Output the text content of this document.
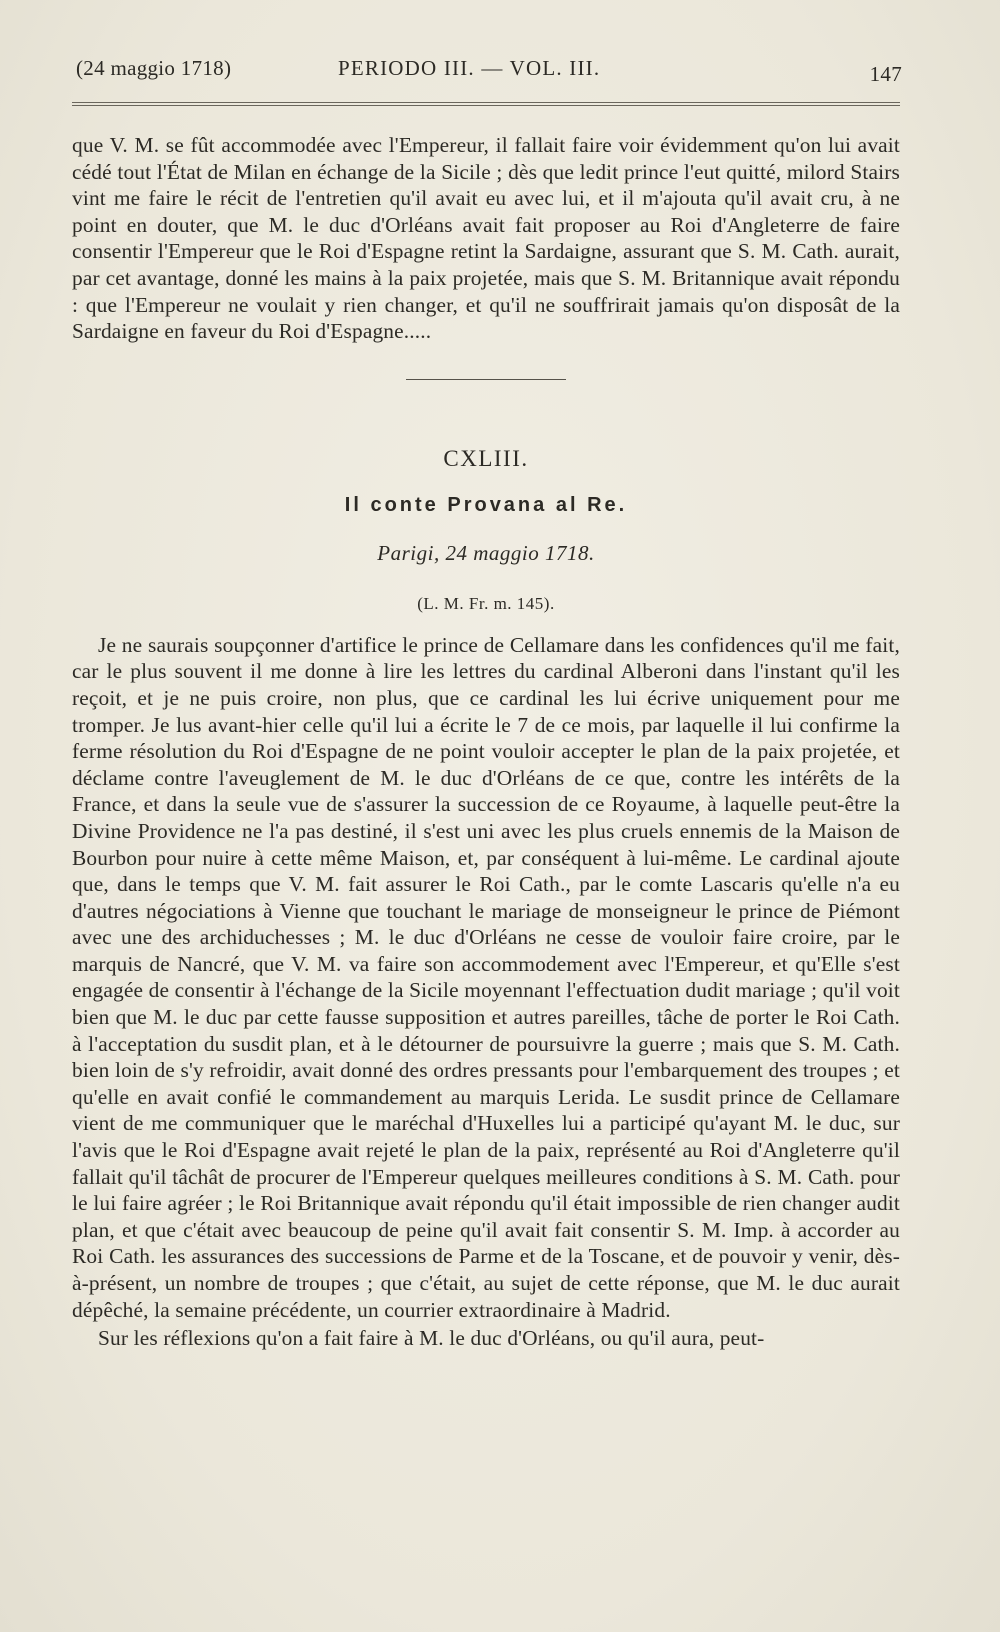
(24 maggio 1718)	PERIODO III. — VOL. III.	147

que V. M. se fût accommodée avec l'Empereur, il fallait faire voir évidemment qu'on lui avait cédé tout l'État de Milan en échange de la Sicile ; dès que ledit prince l'eut quitté, milord Stairs vint me faire le récit de l'entretien qu'il avait eu avec lui, et il m'ajouta qu'il avait cru, à ne point en douter, que M. le duc d'Orléans avait fait proposer au Roi d'Angleterre de faire consentir l'Empereur que le Roi d'Espagne retint la Sardaigne, assurant que S. M. Cath. aurait, par cet avantage, donné les mains à la paix projetée, mais que S. M. Britannique avait répondu : que l'Empereur ne voulait y rien changer, et qu'il ne souffrirait jamais qu'on disposât de la Sardaigne en faveur du Roi d'Espagne.....

CXLIII.
Il conte Provana al Re.
Parigi, 24 maggio 1718.
(L. M. Fr. m. 145).

Je ne saurais soupçonner d'artifice le prince de Cellamare dans les confidences qu'il me fait, car le plus souvent il me donne à lire les lettres du cardinal Alberoni dans l'instant qu'il les reçoit, et je ne puis croire, non plus, que ce cardinal les lui écrive uniquement pour me tromper. Je lus avant-hier celle qu'il lui a écrite le 7 de ce mois, par laquelle il lui confirme la ferme résolution du Roi d'Espagne de ne point vouloir accepter le plan de la paix projetée, et déclame contre l'aveuglement de M. le duc d'Orléans de ce que, contre les intérêts de la France, et dans la seule vue de s'assurer la succession de ce Royaume, à laquelle peut-être la Divine Providence ne l'a pas destiné, il s'est uni avec les plus cruels ennemis de la Maison de Bourbon pour nuire à cette même Maison, et, par conséquent à lui-même. Le cardinal ajoute que, dans le temps que V. M. fait assurer le Roi Cath., par le comte Lascaris qu'elle n'a eu d'autres négociations à Vienne que touchant le mariage de monseigneur le prince de Piémont avec une des archiduchesses ; M. le duc d'Orléans ne cesse de vouloir faire croire, par le marquis de Nancré, que V. M. va faire son accommodement avec l'Empereur, et qu'Elle s'est engagée de consentir à l'échange de la Sicile moyennant l'effectuation dudit mariage ; qu'il voit bien que M. le duc par cette fausse supposition et autres pareilles, tâche de porter le Roi Cath. à l'acceptation du susdit plan, et à le détourner de poursuivre la guerre ; mais que S. M. Cath. bien loin de s'y refroidir, avait donné des ordres pressants pour l'embarquement des troupes ; et qu'elle en avait confié le commandement au marquis Lerida. Le susdit prince de Cellamare vient de me communiquer que le maréchal d'Huxelles lui a participé qu'ayant M. le duc, sur l'avis que le Roi d'Espagne avait rejeté le plan de la paix, représenté au Roi d'Angleterre qu'il fallait qu'il tâchât de procurer de l'Empereur quelques meilleures conditions à S. M. Cath. pour le lui faire agréer ; le Roi Britannique avait répondu qu'il était impossible de rien changer audit plan, et que c'était avec beaucoup de peine qu'il avait fait consentir S. M. Imp. à accorder au Roi Cath. les assurances des successions de Parme et de la Toscane, et de pouvoir y venir, dès-à-présent, un nombre de troupes ; que c'était, au sujet de cette réponse, que M. le duc aurait dépêché, la semaine précédente, un courrier extraordinaire à Madrid.

Sur les réflexions qu'on a fait faire à M. le duc d'Orléans, ou qu'il aura, peut-
